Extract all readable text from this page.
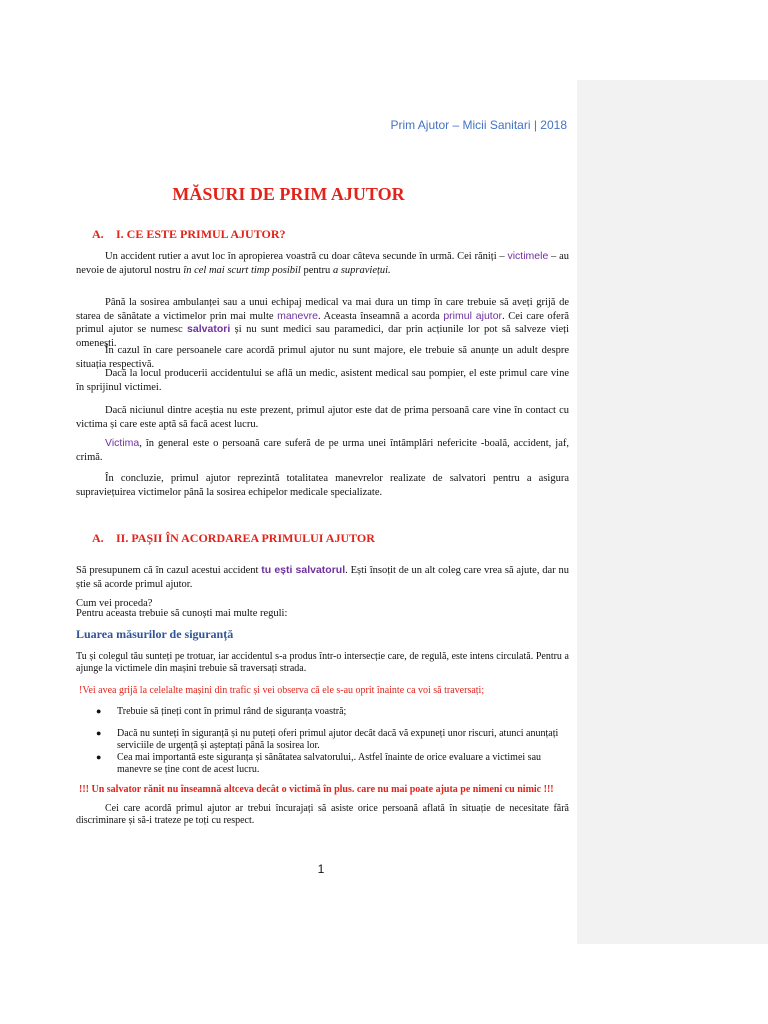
Prim Ajutor – Micii Sanitari | 2018
MĂSURI DE PRIM AJUTOR
A. I. CE ESTE PRIMUL AJUTOR?
Un accident rutier a avut loc în apropierea voastră cu doar câteva secunde în urmă. Cei răniți – victimele – au nevoie de ajutorul nostru în cel mai scurt timp posibil pentru a supraviețui.
Până la sosirea ambulanței sau a unui echipaj medical va mai dura un timp în care trebuie să aveți grijă de starea de sănătate a victimelor prin mai multe manevre. Aceasta înseamnă a acorda primul ajutor. Cei care oferă primul ajutor se numesc salvatori și nu sunt medici sau paramedici, dar prin acțiunile lor pot să salveze vieți omenești.
În cazul în care persoanele care acordă primul ajutor nu sunt majore, ele trebuie să anunțe un adult despre situația respectivă.
Dacă la locul producerii accidentului se află un medic, asistent medical sau pompier, el este primul care vine în sprijinul victimei.
Dacă niciunul dintre aceștia nu este prezent, primul ajutor este dat de prima persoană care vine în contact cu victima și care este aptă să facă acest lucru.
Victima, în general este o persoană care suferă de pe urma unei întâmplări nefericite -boală, accident, jaf, crimă.
În concluzie, primul ajutor reprezintă totalitatea manevrelor realizate de salvatori pentru a asigura supraviețuirea victimelor până la sosirea echipelor medicale specializate.
A. II. PAȘII ÎN ACORDAREA PRIMULUI AJUTOR
Să presupunem că în cazul acestui accident tu ești salvatorul. Ești însoțit de un alt coleg care vrea să ajute, dar nu știe să acorde primul ajutor.
Cum vei proceda?
Pentru aceasta trebuie să cunoști mai multe reguli:
Luarea măsurilor de siguranță
Tu și colegul tău sunteți pe trotuar, iar accidentul s-a produs într-o intersecție care, de regulă, este intens circulată. Pentru a ajunge la victimele din mașini trebuie să traversați strada.
!Vei avea grijă la celelalte mașini din trafic și vei observa că ele s-au oprit înainte ca voi să traversați;
● Trebuie să țineți cont în primul rând de siguranța voastră;
● Dacă nu sunteți în siguranță și nu puteți oferi primul ajutor decât dacă vă expuneți unor riscuri, atunci anunțați serviciile de urgență și așteptați până la sosirea lor.
● Cea mai importantă este siguranța și sănătatea salvatorului,. Astfel înainte de orice evaluare a victimei sau manevre se ține cont de acest lucru.
!!! Un salvator rănit nu înseamnă altceva decât o victimă în plus. care nu mai poate ajuta pe nimeni cu nimic !!!
Cei care acordă primul ajutor ar trebui încurajați să asiste orice persoană aflată în situație de necesitate fără discriminare și să-i trateze pe toți cu respect.
1
